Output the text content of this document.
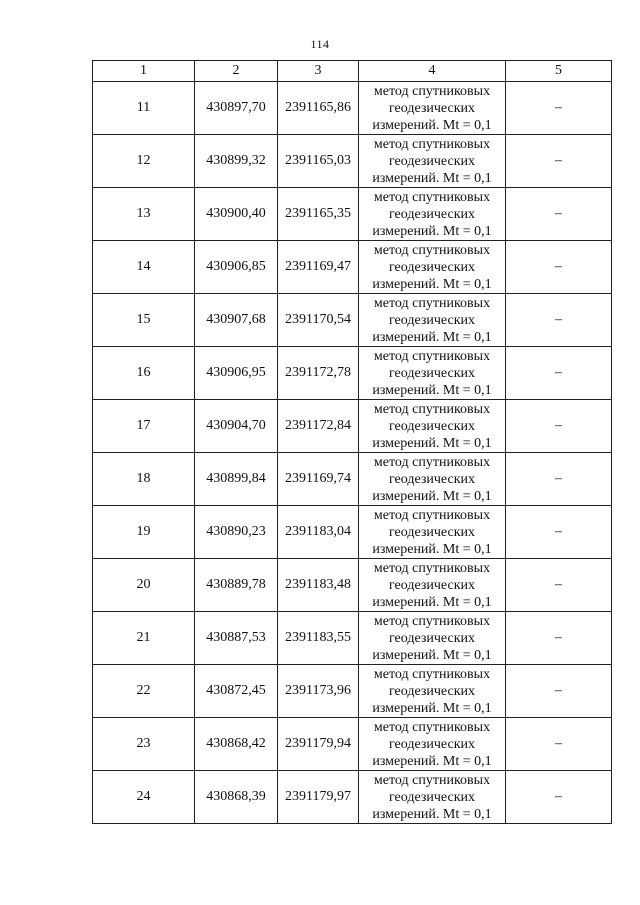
114
1	2	3	4	5
11	430897,70	2391165,86	метод спутниковых
геодезических
измерений. Mt = 0,1	–
12	430899,32	2391165,03	метод спутниковых
геодезических
измерений. Mt = 0,1	–
13	430900,40	2391165,35	метод спутниковых
геодезических
измерений. Mt = 0,1	–
14	430906,85	2391169,47	метод спутниковых
геодезических
измерений. Mt = 0,1	–
15	430907,68	2391170,54	метод спутниковых
геодезических
измерений. Mt = 0,1	–
16	430906,95	2391172,78	метод спутниковых
геодезических
измерений. Mt = 0,1	–
17	430904,70	2391172,84	метод спутниковых
геодезических
измерений. Mt = 0,1	–
18	430899,84	2391169,74	метод спутниковых
геодезических
измерений. Mt = 0,1	–
19	430890,23	2391183,04	метод спутниковых
геодезических
измерений. Mt = 0,1	–
20	430889,78	2391183,48	метод спутниковых
геодезических
измерений. Mt = 0,1	–
21	430887,53	2391183,55	метод спутниковых
геодезических
измерений. Mt = 0,1	–
22	430872,45	2391173,96	метод спутниковых
геодезических
измерений. Mt = 0,1	–
23	430868,42	2391179,94	метод спутниковых
геодезических
измерений. Mt = 0,1	–
24	430868,39	2391179,97	метод спутниковых
геодезических
измерений. Mt = 0,1	–
